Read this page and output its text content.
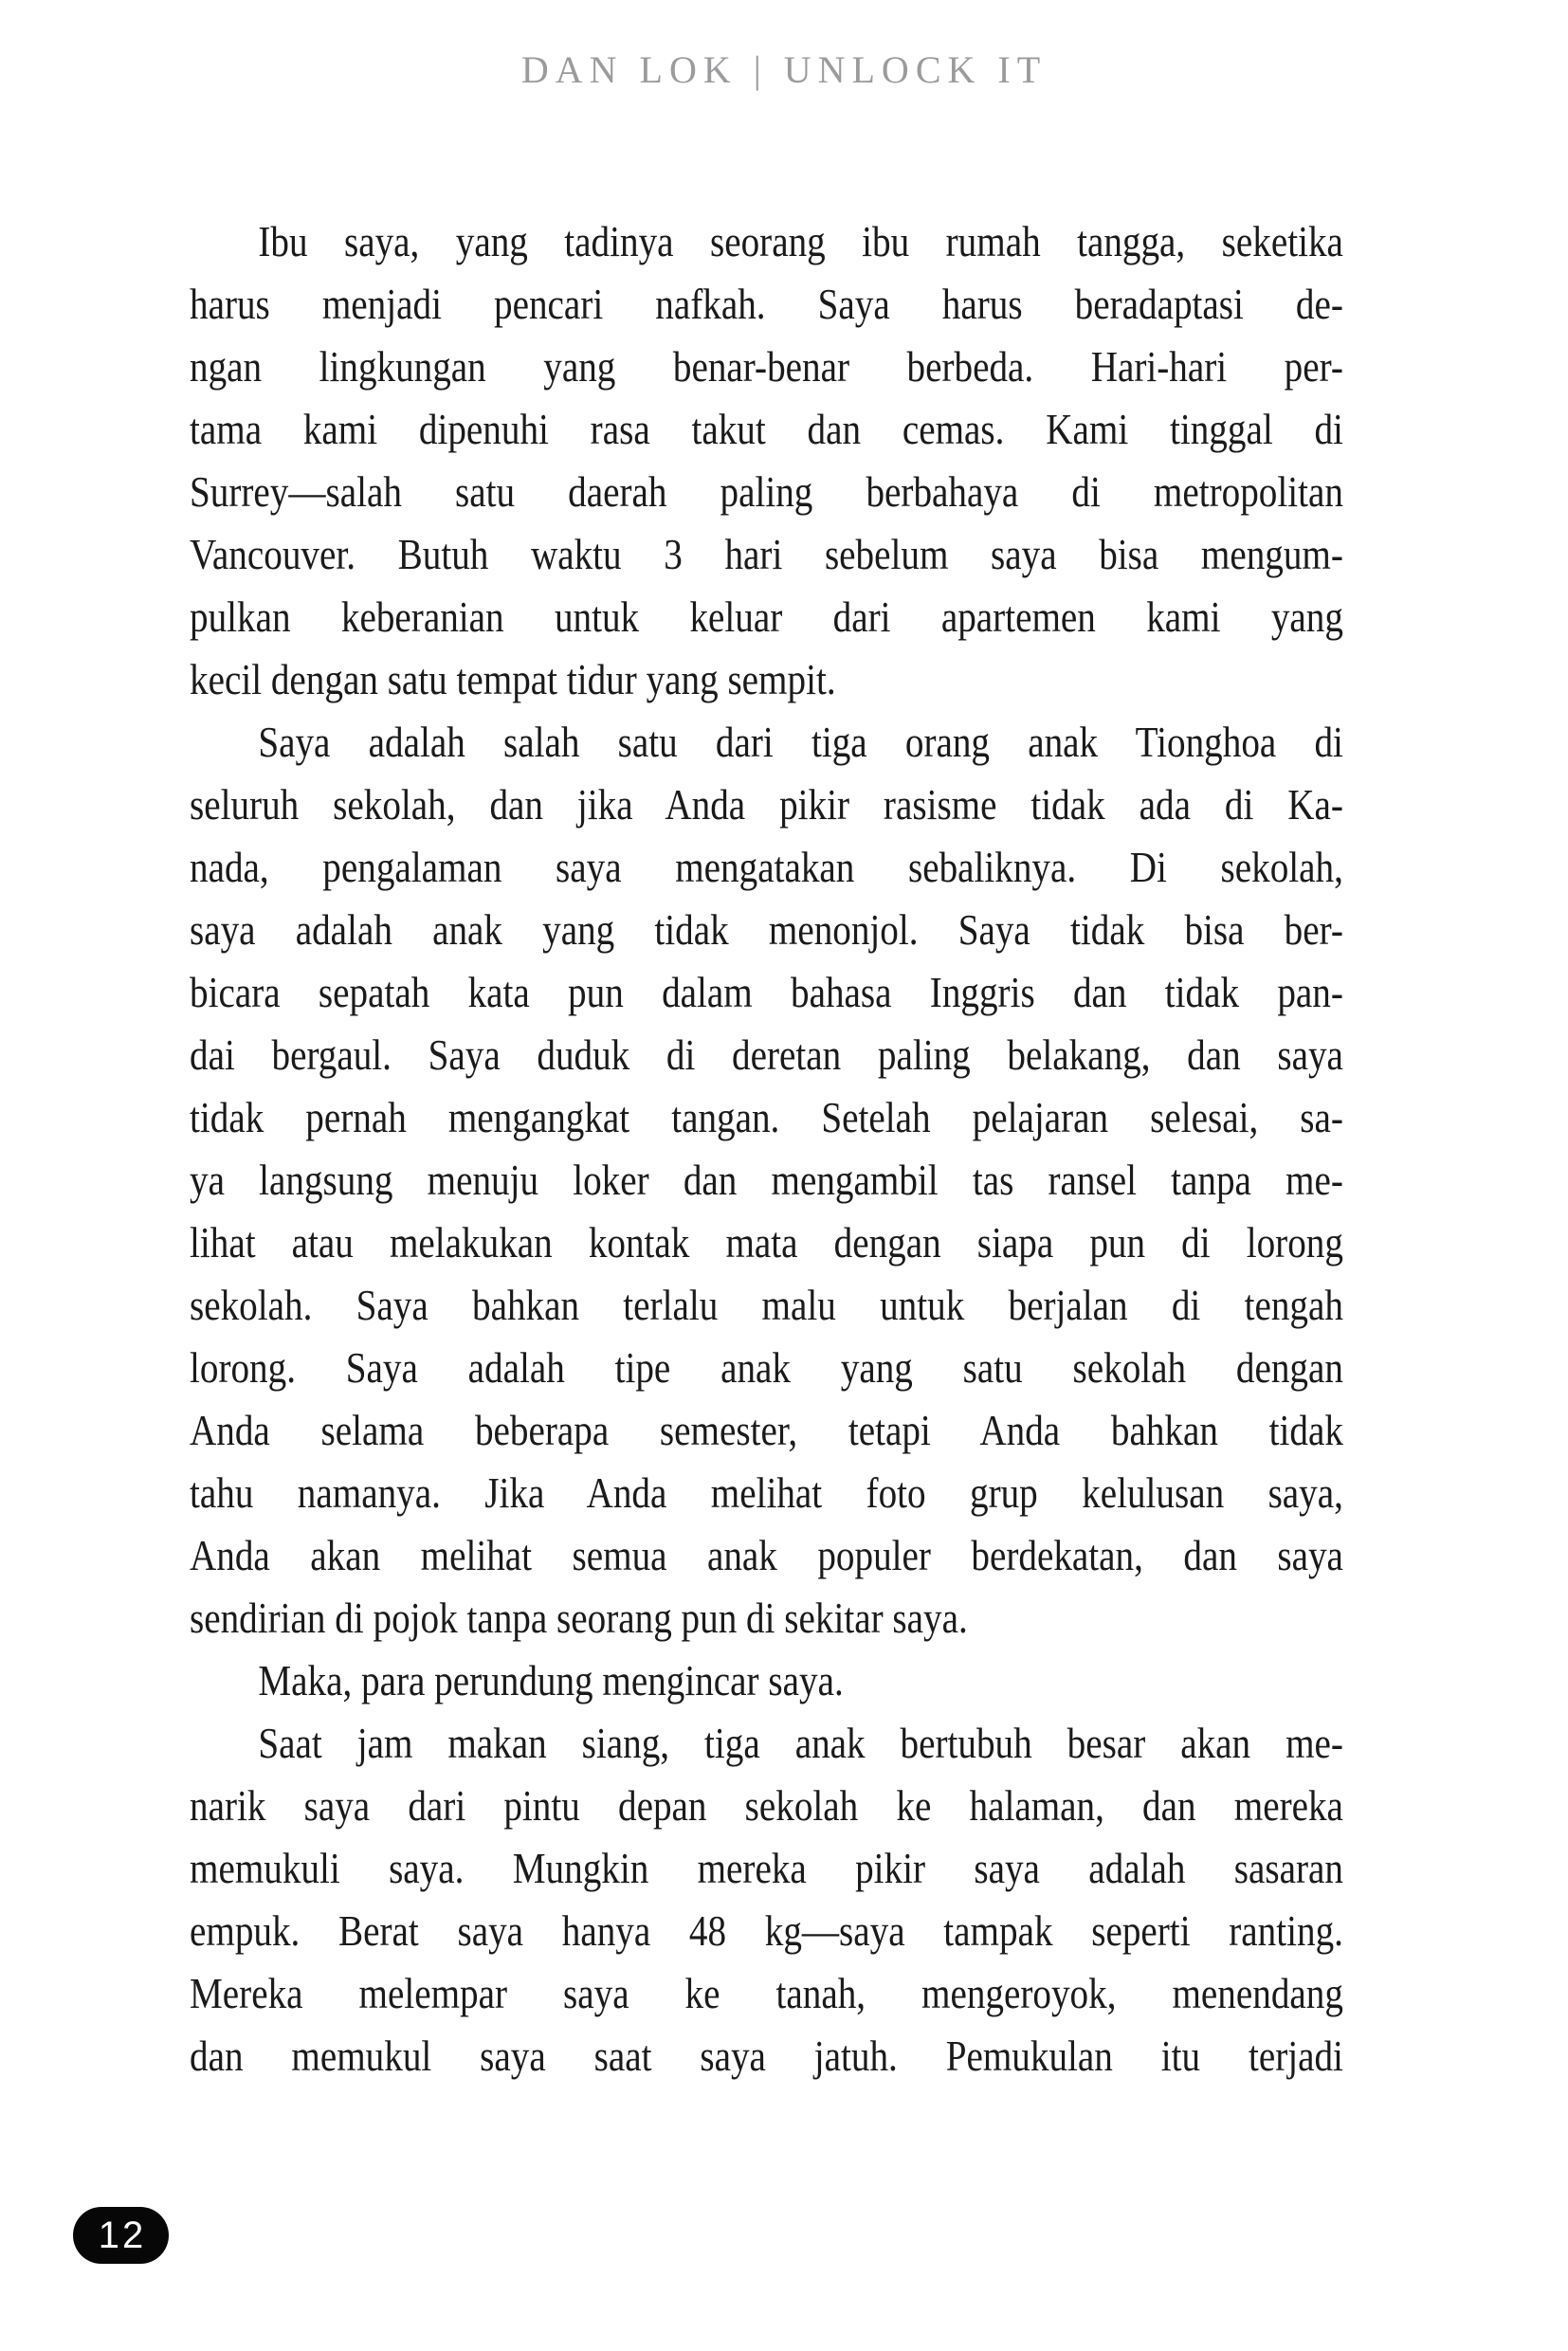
DAN LOK | UNLOCK IT
Ibu saya, yang tadinya seorang ibu rumah tangga, seketika
harus menjadi pencari nafkah. Saya harus beradaptasi de-
ngan lingkungan yang benar-benar berbeda. Hari-hari per-
tama kami dipenuhi rasa takut dan cemas. Kami tinggal di
Surrey—salah satu daerah paling berbahaya di metropolitan
Vancouver. Butuh waktu 3 hari sebelum saya bisa mengum-
pulkan keberanian untuk keluar dari apartemen kami yang
kecil dengan satu tempat tidur yang sempit.
Saya adalah salah satu dari tiga orang anak Tionghoa di
seluruh sekolah, dan jika Anda pikir rasisme tidak ada di Ka-
nada, pengalaman saya mengatakan sebaliknya. Di sekolah,
saya adalah anak yang tidak menonjol. Saya tidak bisa ber-
bicara sepatah kata pun dalam bahasa Inggris dan tidak pan-
dai bergaul. Saya duduk di deretan paling belakang, dan saya
tidak pernah mengangkat tangan. Setelah pelajaran selesai, sa-
ya langsung menuju loker dan mengambil tas ransel tanpa me-
lihat atau melakukan kontak mata dengan siapa pun di lorong
sekolah. Saya bahkan terlalu malu untuk berjalan di tengah
lorong. Saya adalah tipe anak yang satu sekolah dengan
Anda selama beberapa semester, tetapi Anda bahkan tidak
tahu namanya. Jika Anda melihat foto grup kelulusan saya,
Anda akan melihat semua anak populer berdekatan, dan saya
sendirian di pojok tanpa seorang pun di sekitar saya.
Maka, para perundung mengincar saya.
Saat jam makan siang, tiga anak bertubuh besar akan me-
narik saya dari pintu depan sekolah ke halaman, dan mereka
memukuli saya. Mungkin mereka pikir saya adalah sasaran
empuk. Berat saya hanya 48 kg—saya tampak seperti ranting.
Mereka melempar saya ke tanah, mengeroyok, menendang
dan memukul saya saat saya jatuh. Pemukulan itu terjadi
12
